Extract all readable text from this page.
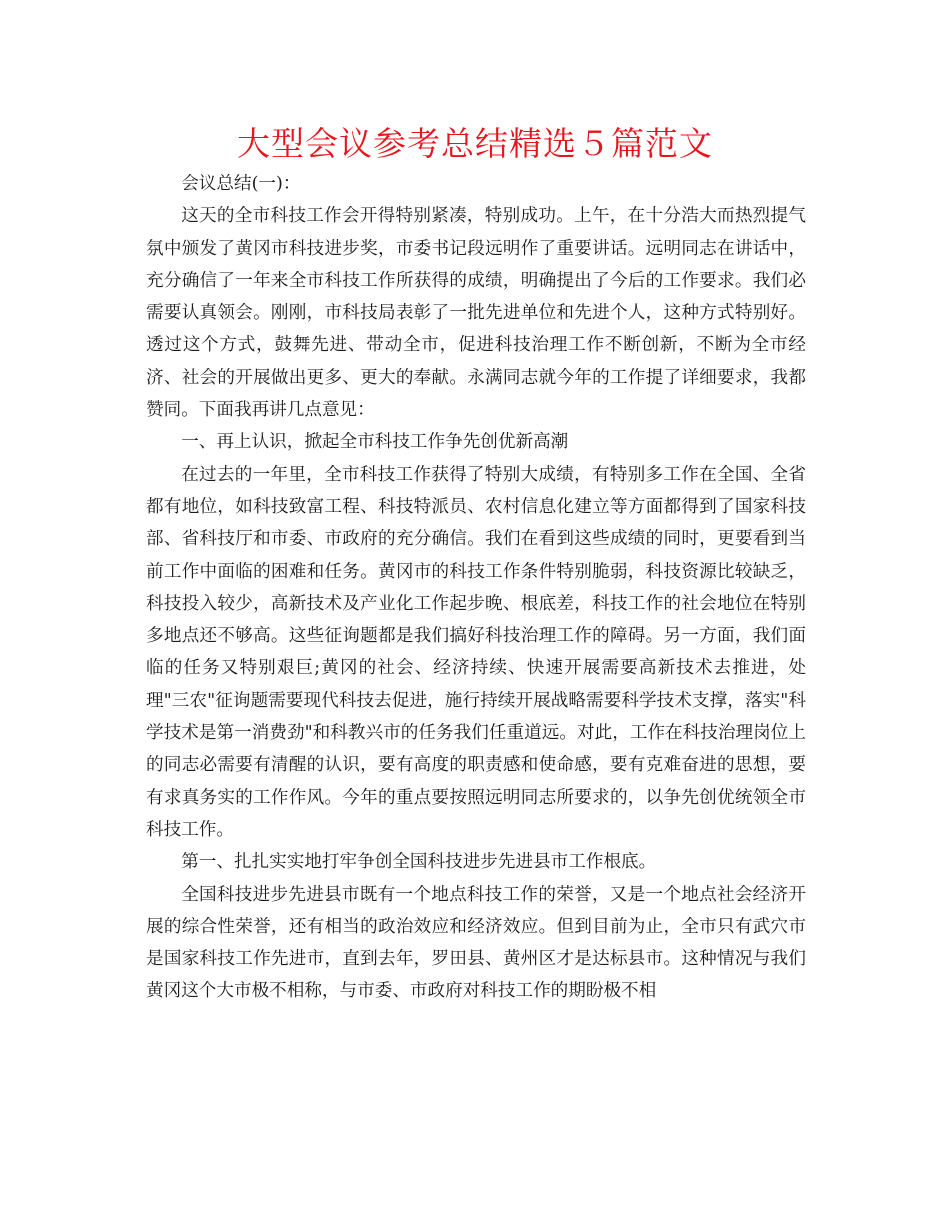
大型会议参考总结精选５篇范文

会议总结(一)：

这天的全市科技工作会开得特别紧凑，特别成功。上午，在十分浩大而热烈提气氛中颁发了黄冈市科技进步奖，市委书记段远明作了重要讲话。远明同志在讲话中，充分确信了一年来全市科技工作所获得的成绩，明确提出了今后的工作要求。我们必需要认真领会。刚刚，市科技局表彰了一批先进单位和先进个人，这种方式特别好。透过这个方式，鼓舞先进、带动全市，促进科技治理工作不断创新，不断为全市经济、社会的开展做出更多、更大的奉献。永满同志就今年的工作提了详细要求，我都赞同。下面我再讲几点意见：

一、再上认识，掀起全市科技工作争先创优新高潮

在过去的一年里，全市科技工作获得了特别大成绩，有特别多工作在全国、全省都有地位，如科技致富工程、科技特派员、农村信息化建立等方面都得到了国家科技部、省科技厅和市委、市政府的充分确信。我们在看到这些成绩的同时，更要看到当前工作中面临的困难和任务。黄冈市的科技工作条件特别脆弱，科技资源比较缺乏，科技投入较少，高新技术及产业化工作起步晚、根底差，科技工作的社会地位在特别多地点还不够高。这些征询题都是我们搞好科技治理工作的障碍。另一方面，我们面临的任务又特别艰巨;黄冈的社会、经济持续、快速开展需要高新技术去推进，处理"三农"征询题需要现代科技去促进，施行持续开展战略需要科学技术支撑，落实"科学技术是第一消费劲"和科教兴市的任务我们任重道远。对此，工作在科技治理岗位上的同志必需要有清醒的认识，要有高度的职责感和使命感，要有克难奋进的思想，要有求真务实的工作作风。今年的重点要按照远明同志所要求的，以争先创优统领全市科技工作。

第一、扎扎实实地打牢争创全国科技进步先进县市工作根底。

全国科技进步先进县市既有一个地点科技工作的荣誉，又是一个地点社会经济开展的综合性荣誉，还有相当的政治效应和经济效应。但到目前为止，全市只有武穴市是国家科技工作先进市，直到去年，罗田县、黄州区才是达标县市。这种情况与我们黄冈这个大市极不相称，与市委、市政府对科技工作的期盼极不相
